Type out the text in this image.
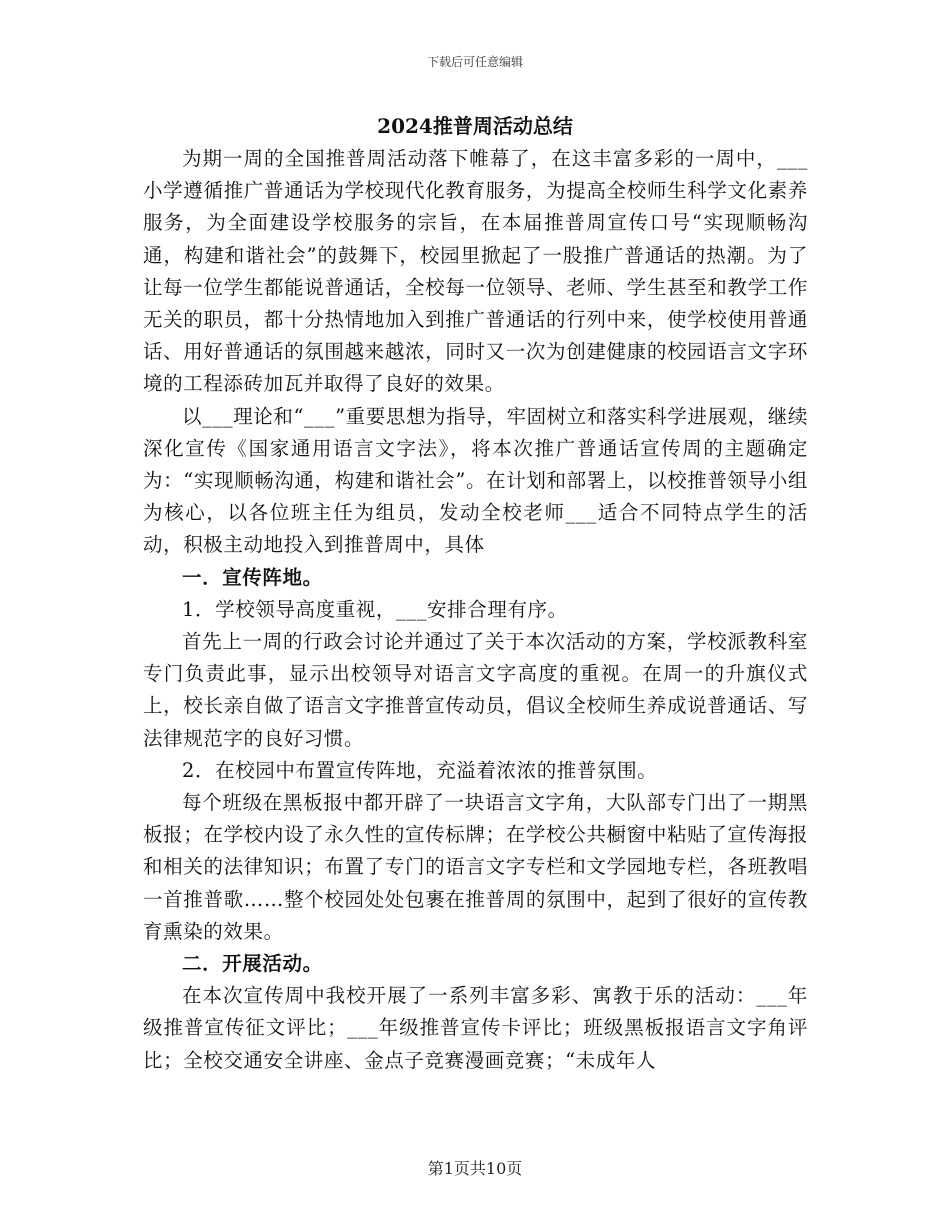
下载后可任意编辑
2024推普周活动总结

为期一周的全国推普周活动落下帷幕了，在这丰富多彩的一周中，___小学遵循推广普通话为学校现代化教育服务，为提高全校师生科学文化素养服务，为全面建设学校服务的宗旨，在本届推普周宣传口号“实现顺畅沟通，构建和谐社会”的鼓舞下，校园里掀起了一股推广普通话的热潮。为了让每一位学生都能说普通话，全校每一位领导、老师、学生甚至和教学工作无关的职员，都十分热情地加入到推广普通话的行列中来，使学校使用普通话、用好普通话的氛围越来越浓，同时又一次为创建健康的校园语言文字环境的工程添砖加瓦并取得了良好的效果。

以___理论和“___”重要思想为指导，牢固树立和落实科学进展观，继续深化宣传《国家通用语言文字法》，将本次推广普通话宣传周的主题确定为：“实现顺畅沟通，构建和谐社会”。在计划和部署上，以校推普领导小组为核心，以各位班主任为组员，发动全校老师___适合不同特点学生的活动，积极主动地投入到推普周中，具体

一．宣传阵地。

1．学校领导高度重视，___安排合理有序。

首先上一周的行政会讨论并通过了关于本次活动的方案，学校派教科室专门负责此事，显示出校领导对语言文字高度的重视。在周一的升旗仪式上，校长亲自做了语言文字推普宣传动员，倡议全校师生养成说普通话、写法律规范字的良好习惯。

2．在校园中布置宣传阵地，充溢着浓浓的推普氛围。

每个班级在黑板报中都开辟了一块语言文字角，大队部专门出了一期黑板报；在学校内设了永久性的宣传标牌；在学校公共橱窗中粘贴了宣传海报和相关的法律知识；布置了专门的语言文字专栏和文学园地专栏，各班教唱一首推普歌……整个校园处处包裹在推普周的氛围中，起到了很好的宣传教育熏染的效果。

二．开展活动。

在本次宣传周中我校开展了一系列丰富多彩、寓教于乐的活动：___年级推普宣传征文评比；___年级推普宣传卡评比；班级黑板报语言文字角评比；全校交通安全讲座、金点子竞赛漫画竞赛；“未成年人

第1页共10页
